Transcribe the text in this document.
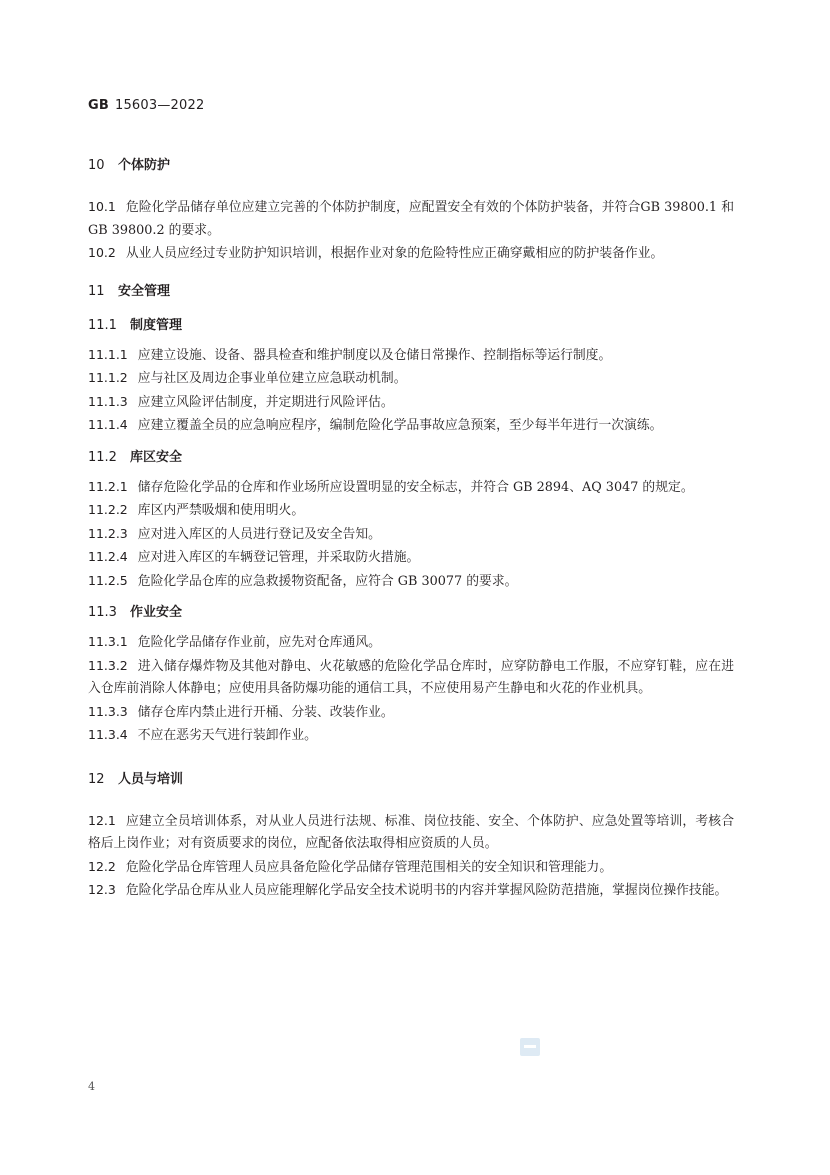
GB 15603—2022
10 个体防护
10.1 危险化学品储存单位应建立完善的个体防护制度，应配置安全有效的个体防护装备，并符合GB 39800.1 和 GB 39800.2 的要求。
10.2 从业人员应经过专业防护知识培训，根据作业对象的危险特性应正确穿戴相应的防护装备作业。
11 安全管理
11.1 制度管理
11.1.1 应建立设施、设备、器具检查和维护制度以及仓储日常操作、控制指标等运行制度。
11.1.2 应与社区及周边企事业单位建立应急联动机制。
11.1.3 应建立风险评估制度，并定期进行风险评估。
11.1.4 应建立覆盖全员的应急响应程序，编制危险化学品事故应急预案，至少每半年进行一次演练。
11.2 库区安全
11.2.1 储存危险化学品的仓库和作业场所应设置明显的安全标志，并符合 GB 2894、AQ 3047 的规定。
11.2.2 库区内严禁吸烟和使用明火。
11.2.3 应对进入库区的人员进行登记及安全告知。
11.2.4 应对进入库区的车辆登记管理，并采取防火措施。
11.2.5 危险化学品仓库的应急救援物资配备，应符合 GB 30077 的要求。
11.3 作业安全
11.3.1 危险化学品储存作业前，应先对仓库通风。
11.3.2 进入储存爆炸物及其他对静电、火花敏感的危险化学品仓库时，应穿防静电工作服，不应穿钉鞋，应在进入仓库前消除人体静电；应使用具备防爆功能的通信工具，不应使用易产生静电和火花的作业机具。
11.3.3 储存仓库内禁止进行开桶、分装、改装作业。
11.3.4 不应在恶劣天气进行装卸作业。
12 人员与培训
12.1 应建立全员培训体系，对从业人员进行法规、标准、岗位技能、安全、个体防护、应急处置等培训，考核合格后上岗作业；对有资质要求的岗位，应配备依法取得相应资质的人员。
12.2 危险化学品仓库管理人员应具备危险化学品储存管理范围相关的安全知识和管理能力。
12.3 危险化学品仓库从业人员应能理解化学品安全技术说明书的内容并掌握风险防范措施，掌握岗位操作技能。
4
